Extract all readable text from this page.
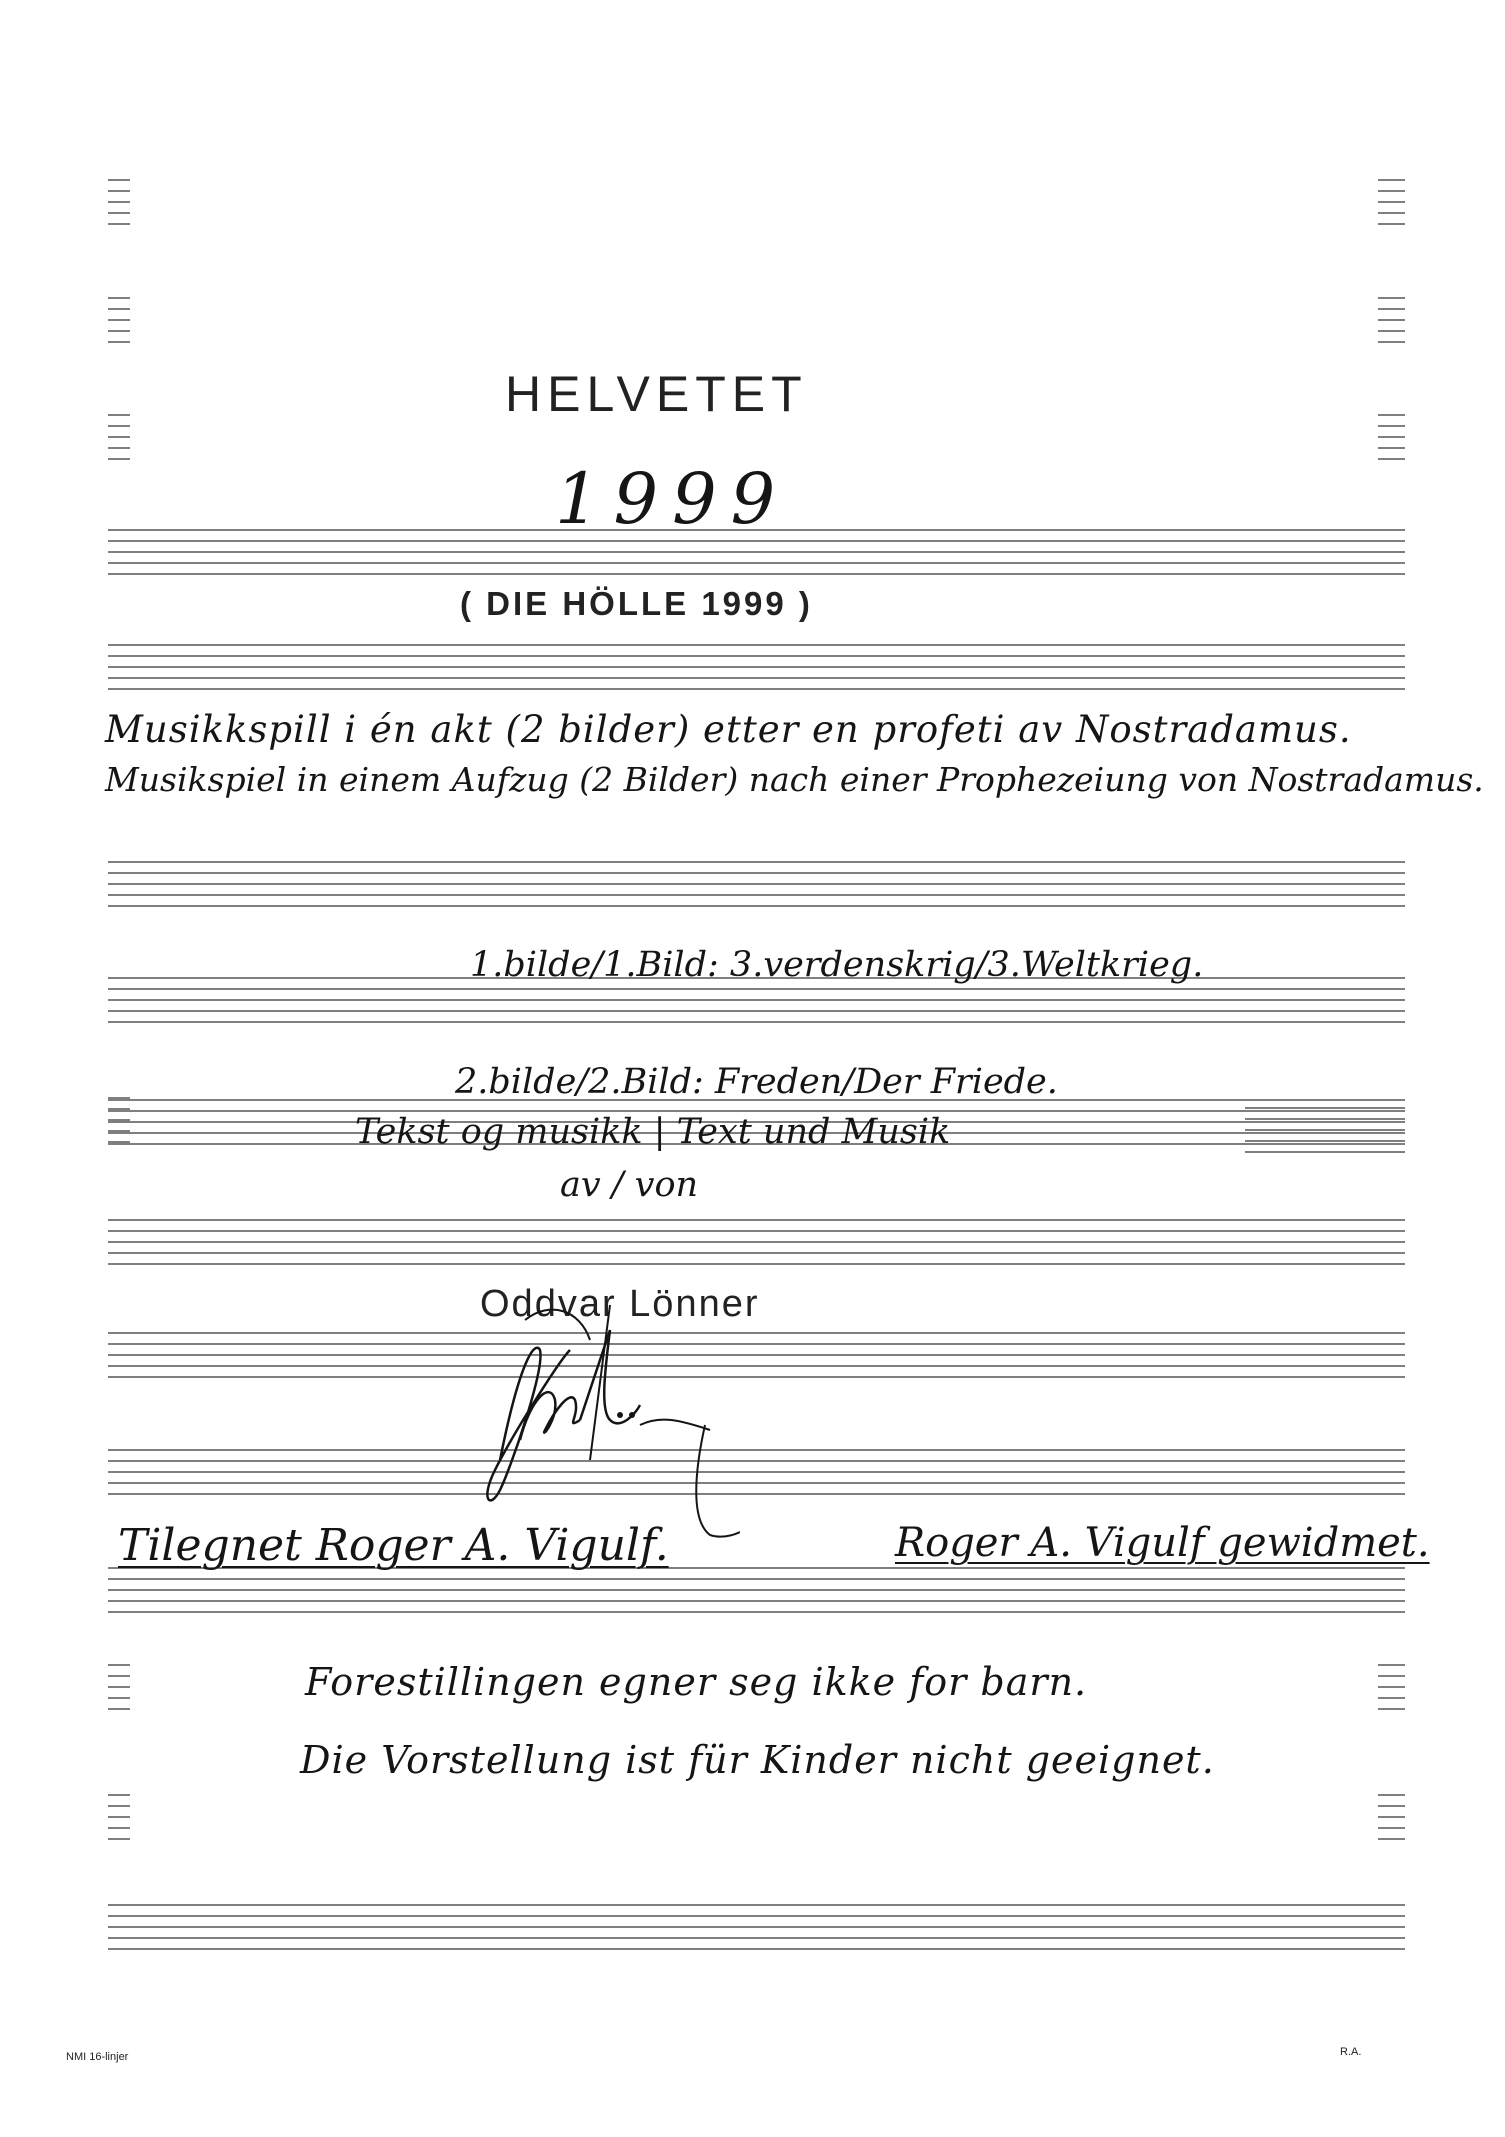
HELVETET
1999
( DIE HÖLLE 1999 )
Musikkspill i én akt (2 bilder) etter en profeti av Nostradamus.
Musikspiel in einem Aufzug (2 Bilder) nach einer Prophezeiung von Nostradamus.
1.bilde/1.Bild: 3.verdenskrig/3.Weltkrieg.
2.bilde/2.Bild: Freden/Der Friede.
Tekst og musikk | Text und Musik
av / von
Oddvar Lönner
Tilegnet Roger A. Vigulf.	Roger A. Vigulf gewidmet.
Forestillingen egner seg ikke for barn.
Die Vorstellung ist für Kinder nicht geeignet.
NMI 16-linjer	R.A.
